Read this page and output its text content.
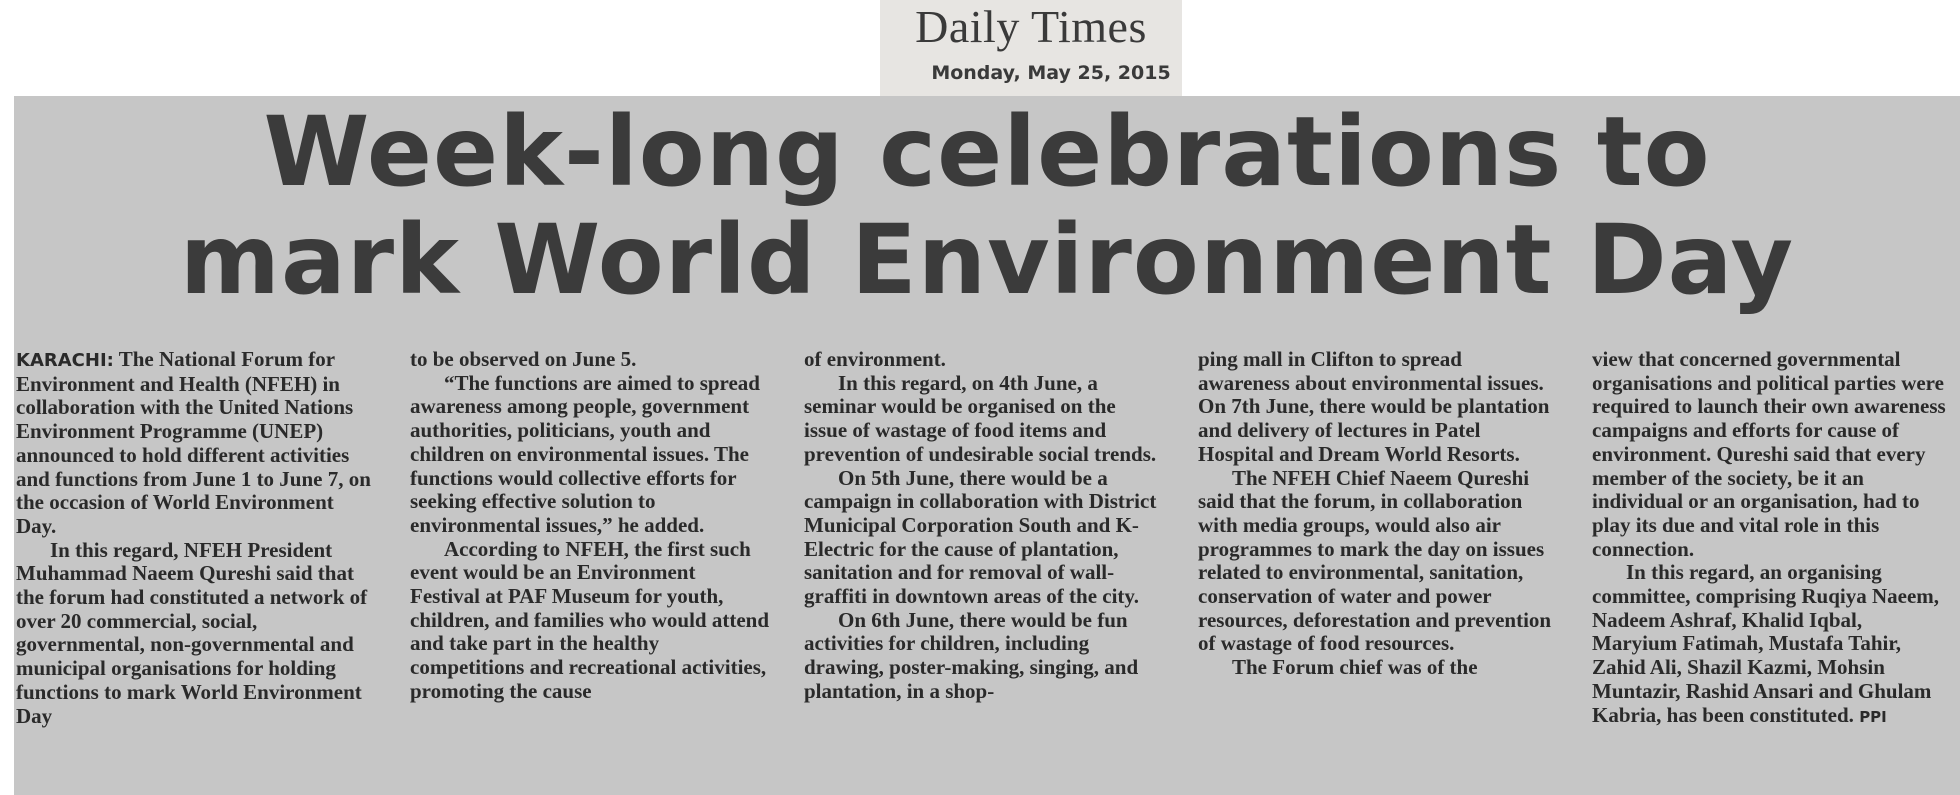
Daily Times
Monday, May 25, 2015
Week-long celebrations to
mark World Environment Day

KARACHI: The National Forum for Environment and Health (NFEH) in collaboration with the United Nations Environment Programme (UNEP) announced to hold different activities and functions from June 1 to June 7, on the occasion of World Environment Day.

In this regard, NFEH President Muhammad Naeem Qureshi said that the forum had constituted a network of over 20 commercial, social, governmental, non-governmental and municipal organisations for holding functions to mark World Environment Day

to be observed on June 5.

“The functions are aimed to spread awareness among people, government authorities, politicians, youth and children on environmental issues. The functions would collective efforts for seeking effective solution to environmental issues,” he added.

According to NFEH, the first such event would be an Environment Festival at PAF Museum for youth, children, and families who would attend and take part in the healthy competitions and recreational activities, promoting the cause

of environment.

In this regard, on 4th June, a seminar would be organised on the issue of wastage of food items and prevention of undesirable social trends.

On 5th June, there would be a campaign in collaboration with District Municipal Corporation South and K-Electric for the cause of plantation, sanitation and for removal of wall-graffiti in downtown areas of the city.

On 6th June, there would be fun activities for children, including drawing, poster-making, singing, and plantation, in a shop-

ping mall in Clifton to spread awareness about environmental issues. On 7th June, there would be plantation and delivery of lectures in Patel Hospital and Dream World Resorts.

The NFEH Chief Naeem Qureshi said that the forum, in collaboration with media groups, would also air programmes to mark the day on issues related to environmental, sanitation, conservation of water and power resources, deforestation and prevention of wastage of food resources.

The Forum chief was of the

view that concerned governmental organisations and political parties were required to launch their own awareness campaigns and efforts for cause of environment. Qureshi said that every member of the society, be it an individual or an organisation, had to play its due and vital role in this connection.

In this regard, an organising committee, comprising Ruqiya Naeem, Nadeem Ashraf, Khalid Iqbal, Maryium Fatimah, Mustafa Tahir, Zahid Ali, Shazil Kazmi, Mohsin Muntazir, Rashid Ansari and Ghulam Kabria, has been constituted. PPI
